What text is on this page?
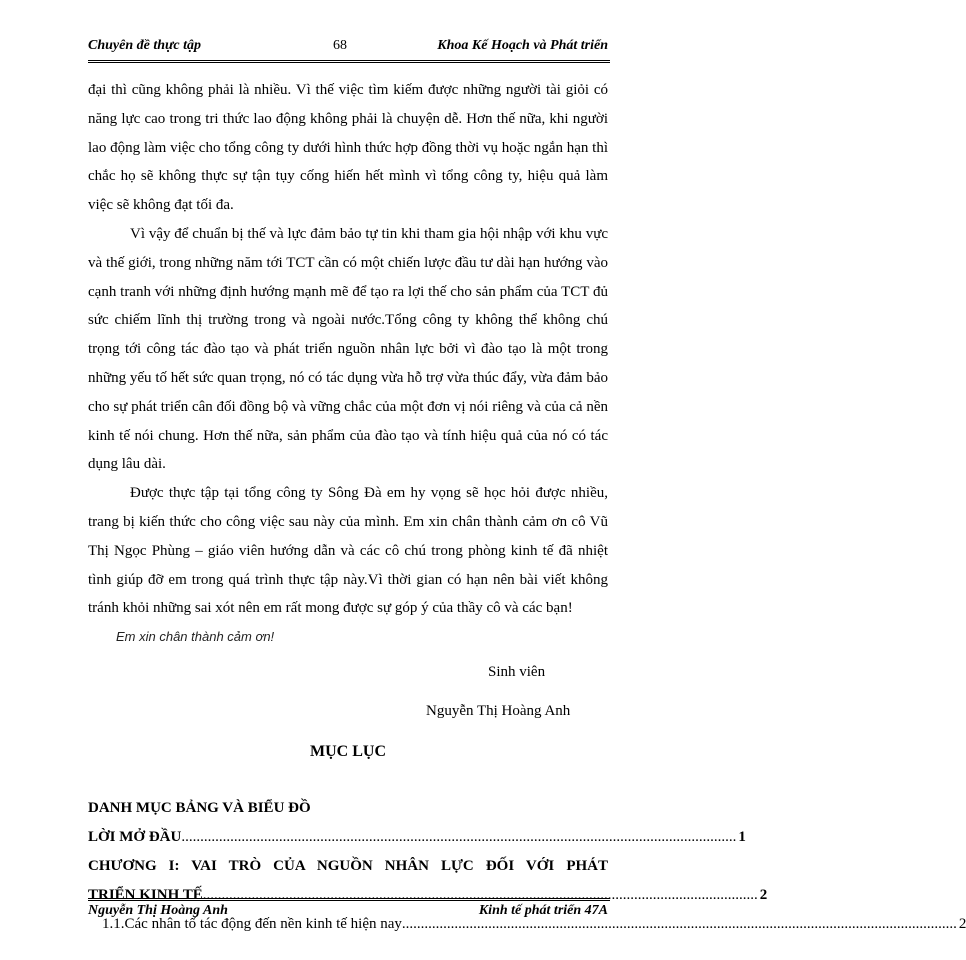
Chuyên đề thực tập	68	Khoa Kế Hoạch và Phát triển

đại thì cũng không phải là nhiều. Vì thế việc tìm kiếm được những người tài giỏi có năng lực cao trong tri thức lao động không phải là chuyện dễ. Hơn thế nữa, khi người lao động làm việc cho tổng công ty dưới hình thức hợp đồng thời vụ hoặc ngắn hạn thì chắc họ sẽ không thực sự tận tụy cống hiến hết mình vì tổng công ty, hiệu quả làm việc sẽ không đạt tối đa.

Vì vậy để chuẩn bị thế và lực đảm bảo tự tin khi tham gia hội nhập với khu vực và thế giới, trong những năm tới TCT cần có một chiến lược đầu tư dài hạn hướng vào cạnh tranh với những định hướng mạnh mẽ để tạo ra lợi thế cho sản phẩm của TCT đủ sức chiếm lĩnh thị trường trong và ngoài nước.Tổng công ty không thể không chú trọng tới công tác đào tạo và phát triển nguồn nhân lực bởi vì đào tạo là một trong những yếu tố hết sức quan trọng, nó có tác dụng vừa hỗ trợ vừa thúc đẩy, vừa đảm bảo cho sự phát triển cân đối đồng bộ và vững chắc của một đơn vị nói riêng và của cả nền kinh tế nói chung. Hơn thế nữa, sản phẩm của đào tạo và tính hiệu quả của nó có tác dụng lâu dài.

Được thực tập tại tổng công ty Sông Đà em hy vọng sẽ học hỏi được nhiều, trang bị kiến thức cho công việc sau này của mình. Em xin chân thành cảm ơn cô Vũ Thị Ngọc Phùng – giáo viên hướng dẫn và các cô chú trong phòng kinh tế đã nhiệt tình giúp đỡ em trong quá trình thực tập này.Vì thời gian có hạn nên bài viết không tránh khỏi những sai xót nên em rất mong được sự góp ý của thầy cô và các bạn!

Em xin chân thành cảm ơn!

Sinh viên

Nguyễn Thị Hoàng Anh

MỤC LỤC

DANH MỤC BẢNG VÀ BIỂU ĐỒ
LỜI MỞ ĐẦU .................................................................................................................................................... 1
CHƯƠNG I: VAI TRÒ CỦA NGUỒN NHÂN LỰC ĐỐI VỚI PHÁT
TRIỂN KINH TẾ .................................................................................................................................................... 2
1.1.Các nhân tố tác động đến nền kinh tế hiện nay .................................................................................................................................................... 2
Nguyễn Thị Hoàng Anh	Kinh tế phát triển 47A
